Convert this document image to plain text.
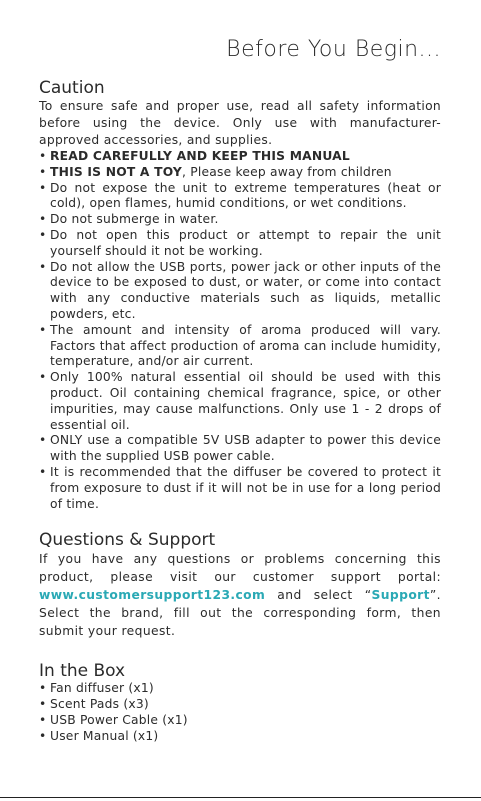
Before You Begin...
Caution

To ensure safe and proper use, read all safety information before using the device. Only use with manufacturer-approved accessories, and supplies.

• READ CAREFULLY AND KEEP THIS MANUAL
• THIS IS NOT A TOY, Please keep away from children
• Do not expose the unit to extreme temperatures (heat or cold), open flames, humid conditions, or wet conditions.
• Do not submerge in water.
• Do not open this product or attempt to repair the unit yourself should it not be working.
• Do not allow the USB ports, power jack or other inputs of the device to be exposed to dust, or water, or come into contact with any conductive materials such as liquids, metallic powders, etc.
• The amount and intensity of aroma produced will vary. Factors that affect production of aroma can include humidity, temperature, and/or air current.
• Only 100% natural essential oil should be used with this product. Oil containing chemical fragrance, spice, or other impurities, may cause malfunctions. Only use 1 - 2 drops of essential oil.
• ONLY use a compatible 5V USB adapter to power this device with the supplied USB power cable.
• It is recommended that the diffuser be covered to protect it from exposure to dust if it will not be in use for a long period of time.
Questions & Support

If you have any questions or problems concerning this product, please visit our customer support portal: www.customersupport123.com and select “Support”. Select the brand, fill out the corresponding form, then submit your request.

In the Box
• Fan diffuser (x1)
• Scent Pads (x3)
• USB Power Cable (x1)
• User Manual (x1)
